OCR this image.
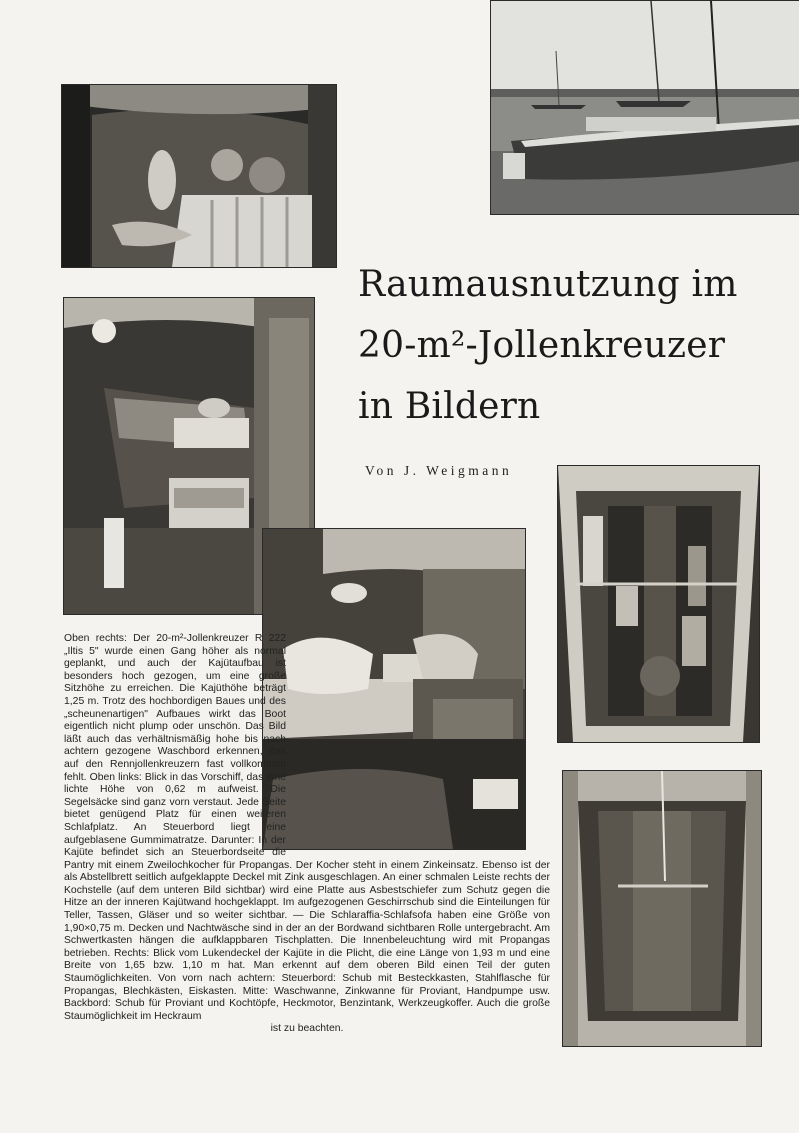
Raumausnutzung im
20-m²-Jollenkreuzer
in Bildern
Von J. Weigmann
Oben rechts: Der 20-m²-Jollenkreuzer R 222 „Iltis 5" wurde einen Gang höher als normal geplankt, und auch der Kajütaufbau ist besonders hoch gezogen, um eine große Sitzhöhe zu erreichen. Die Kajüthöhe beträgt 1,25 m. Trotz des hochbordigen Baues und des „scheunenartigen" Aufbaues wirkt das Boot eigentlich nicht plump oder unschön. Das Bild läßt auch das verhältnismäßig hohe bis nach achtern gezogene Waschbord erkennen, das auf den Rennjollenkreuzern fast vollkommen fehlt. Oben links: Blick in das Vorschiff, das eine lichte Höhe von 0,62 m aufweist. Die Segelsäcke sind ganz vorn verstaut. Jede Seite bietet genügend Platz für einen weiteren Schlafplatz. An Steuerbord liegt eine aufgeblasene Gummimatratze. Darunter: In der Kajüte befindet sich an Steuerbordseite die Pantry mit einem Zweilochkocher für Propangas. Der Kocher steht in einem Zinkeinsatz. Ebenso ist der als Abstellbrett seitlich aufgeklappte Deckel mit Zink ausgeschlagen. An einer schmalen Leiste rechts der Kochstelle (auf dem unteren Bild sichtbar) wird eine Platte aus Asbestschiefer zum Schutz gegen die Hitze an der inneren Kajütwand hochgeklappt. Im aufgezogenen Geschirrschub sind die Einteilungen für Teller, Tassen, Gläser und so weiter sichtbar. — Die Schlaraffia-Schlafsofa haben eine Größe von 1,90×0,75 m. Decken und Nachtwäsche sind in der an der Bordwand sichtbaren Rolle untergebracht. Am Schwertkasten hängen die aufklappbaren Tischplatten. Die Innenbeleuchtung wird mit Propangas betrieben. Rechts: Blick vom Lukendeckel der Kajüte in die Plicht, die eine Länge von 1,93 m und eine Breite von 1,65 bzw. 1,10 m hat. Man erkennt auf dem oberen Bild einen Teil der guten Staumöglichkeiten. Von vorn nach achtern: Steuerbord: Schub mit Besteckkasten, Stahlflasche für Propangas, Blechkästen, Eiskasten. Mitte: Waschwanne, Zinkwanne für Proviant, Handpumpe usw. Backbord: Schub für Proviant und Kochtöpfe, Heckmotor, Benzintank, Werkzeugkoffer. Auch die große Staumöglichkeit im Heckraum
ist zu beachten.
